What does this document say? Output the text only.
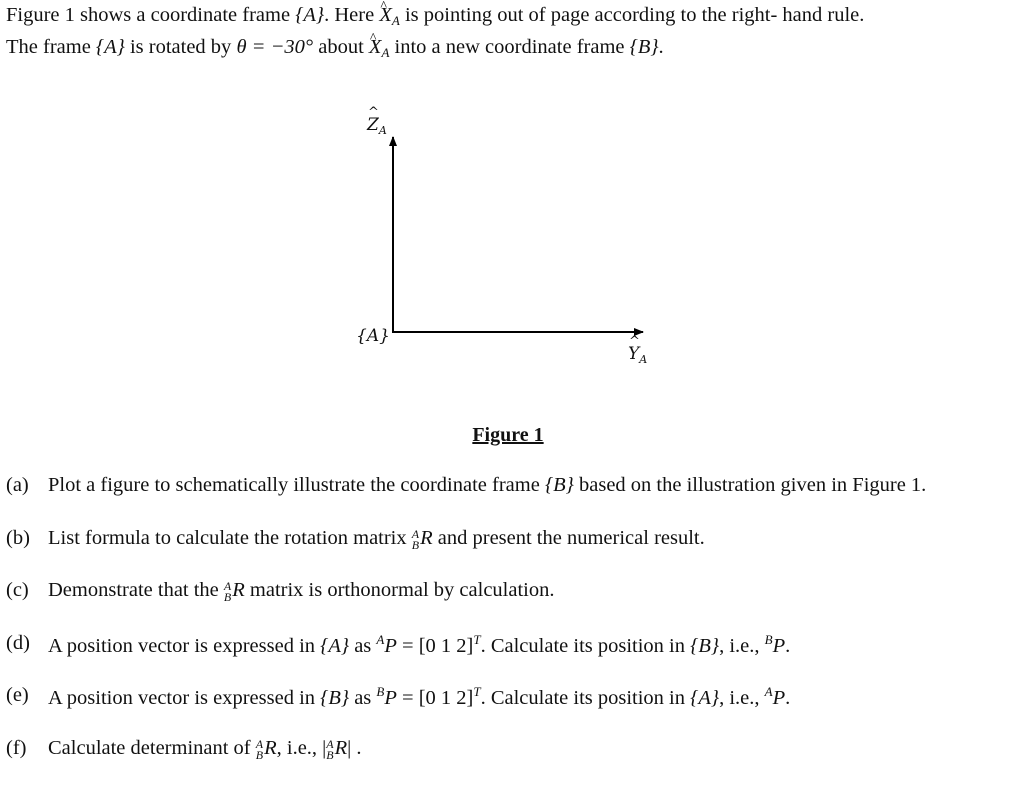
Figure 1 shows a coordinate frame {A}. Here ^ $X_A$ is pointing out of page according to the right- hand rule.
The frame {A} is rotated by θ = −30° about ^ $X_A$ into a new coordinate frame {B}.
^ $Z_A$
{A}
^ $Y_A$
Figure 1
(a) Plot a figure to schematically illustrate the coordinate frame {B} based on the illustration given in Figure 1.
(b) List formula to calculate the rotation matrix A
B R and present the numerical result.
(c) Demonstrate that the A
B R matrix is orthonormal by calculation.
(d) A position vector is expressed in {A} as $^A$P = [0 1 2]$^T$. Calculate its position in {B}, i.e., $^B$P.
(e) A position vector is expressed in {B} as $^B$P = [0 1 2]$^T$. Calculate its position in {A}, i.e., $^A$P.
(f) Calculate determinant of A
B R, i.e., | A
B R| .
